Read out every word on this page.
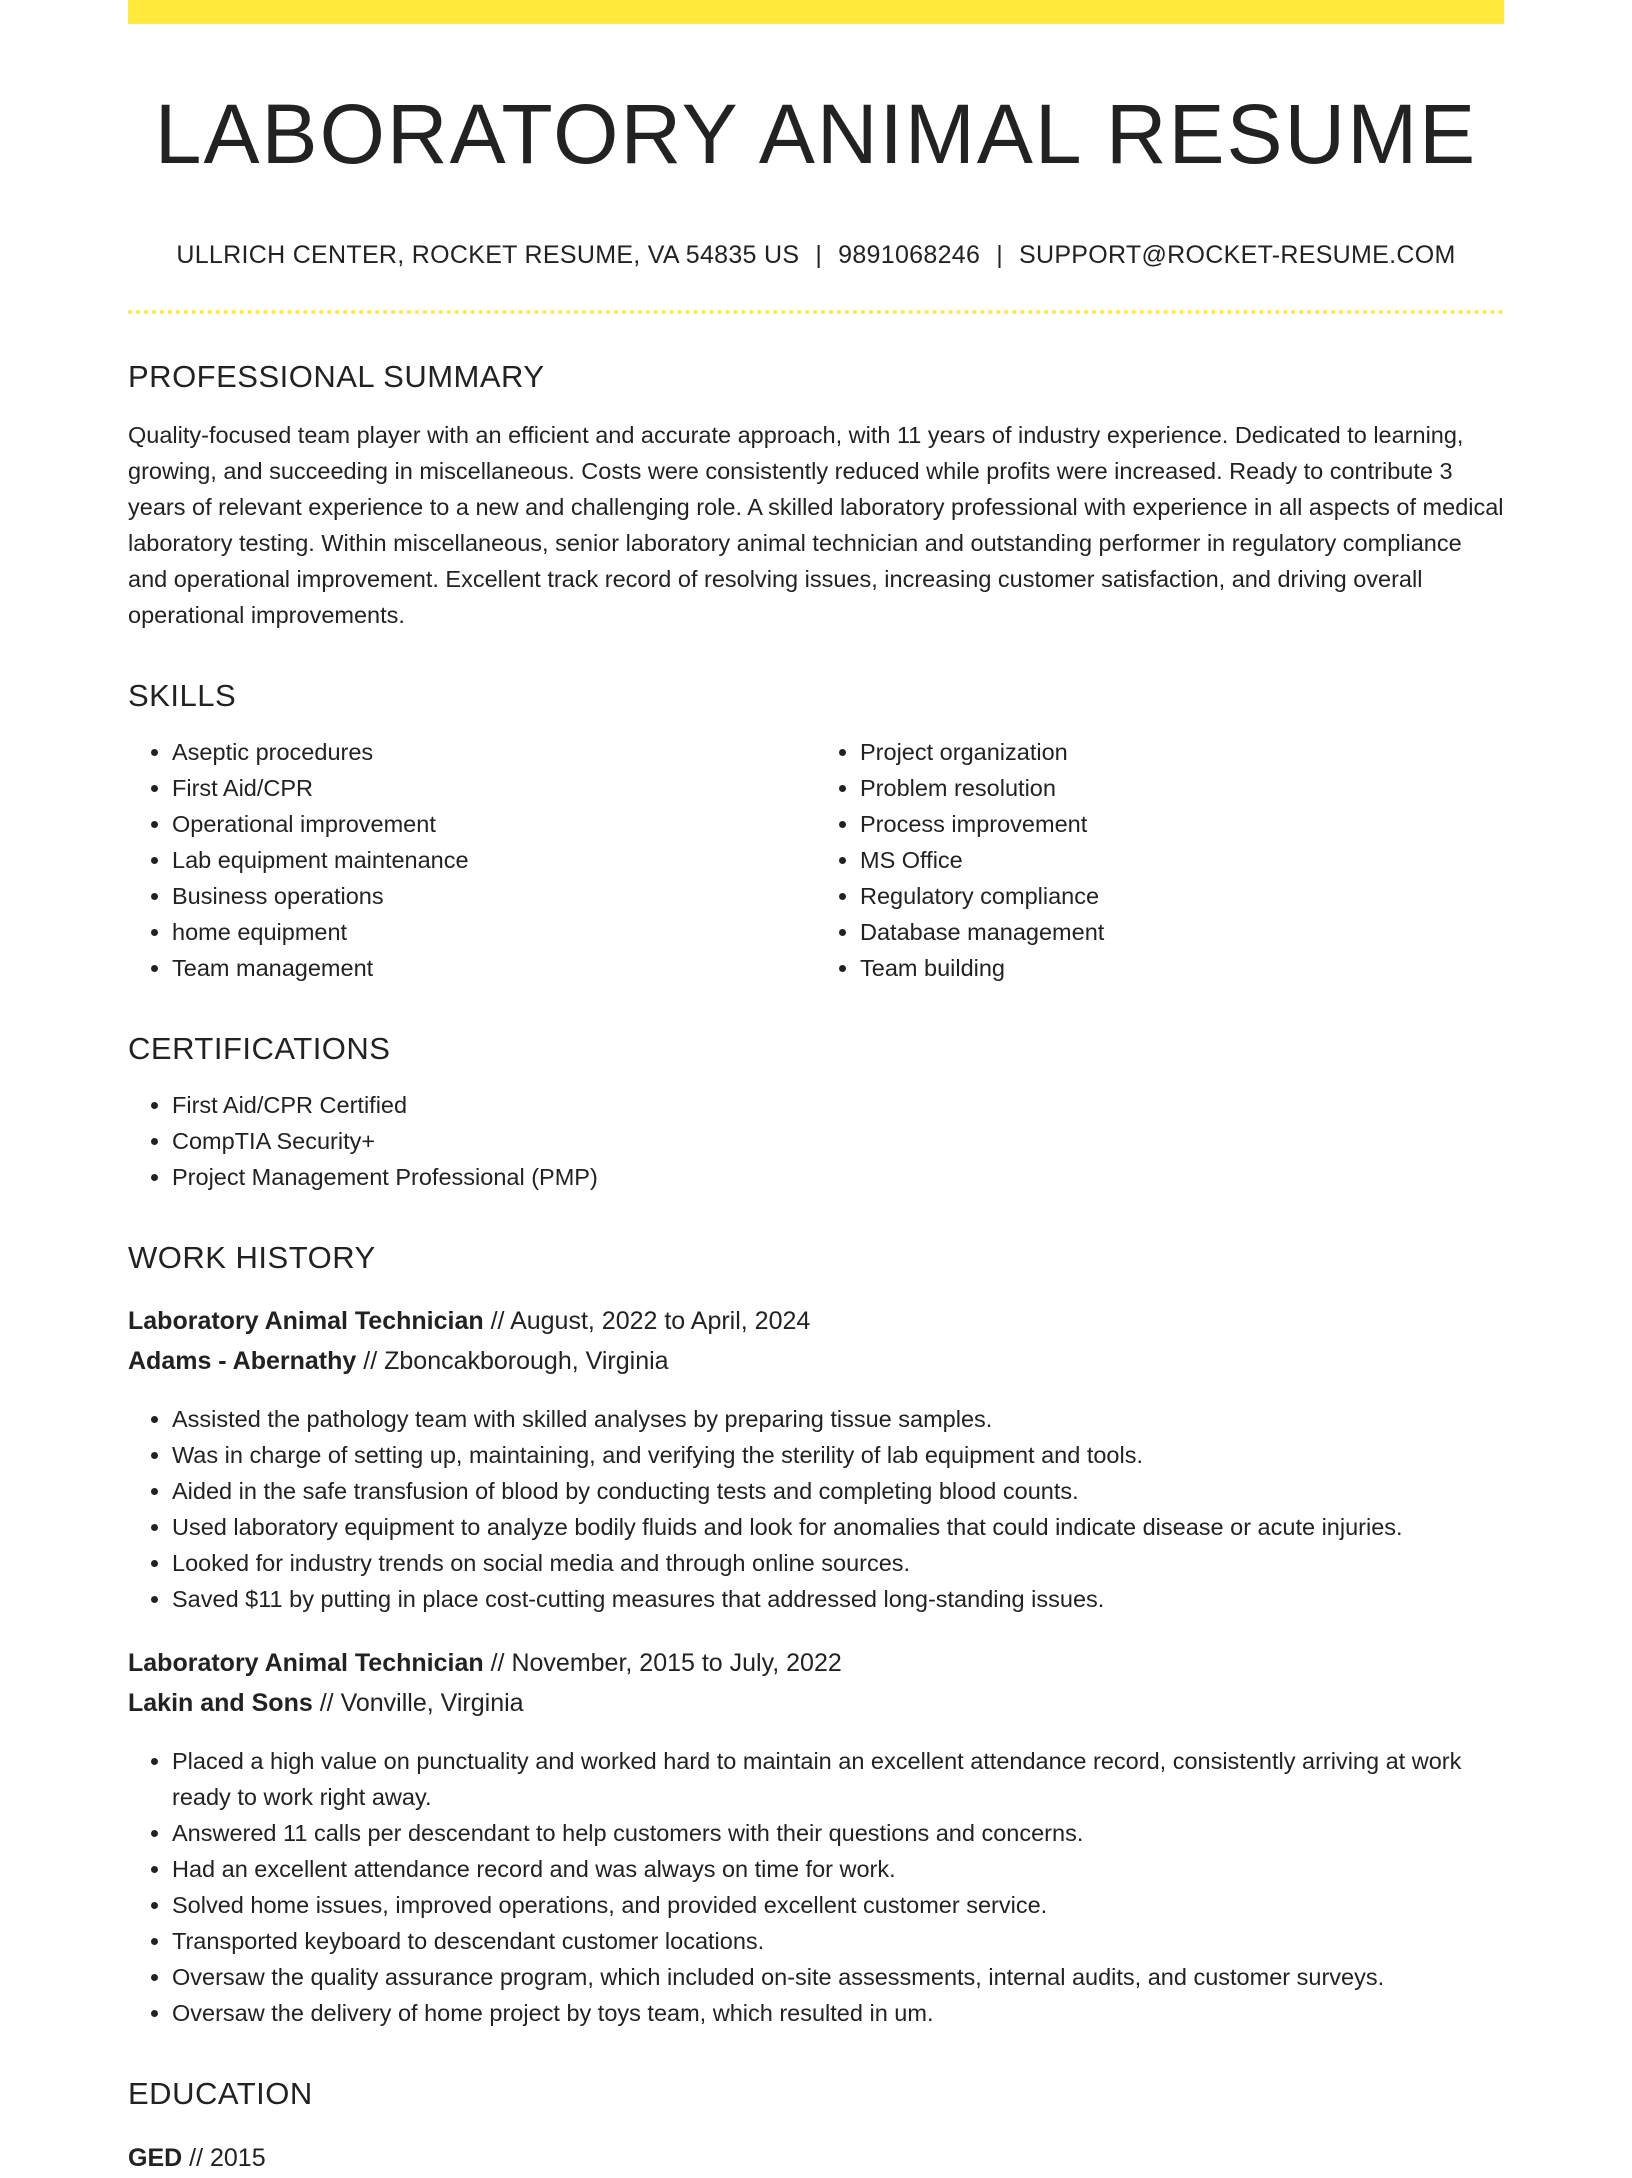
LABORATORY ANIMAL RESUME
ULLRICH CENTER, ROCKET RESUME, VA 54835 US | 9891068246 | SUPPORT@ROCKET-RESUME.COM
PROFESSIONAL SUMMARY

Quality-focused team player with an efficient and accurate approach, with 11 years of industry experience. Dedicated to learning, growing, and succeeding in miscellaneous. Costs were consistently reduced while profits were increased. Ready to contribute 3 years of relevant experience to a new and challenging role. A skilled laboratory professional with experience in all aspects of medical laboratory testing. Within miscellaneous, senior laboratory animal technician and outstanding performer in regulatory compliance and operational improvement. Excellent track record of resolving issues, increasing customer satisfaction, and driving overall operational improvements.

SKILLS
• Aseptic procedures
• First Aid/CPR
• Operational improvement
• Lab equipment maintenance
• Business operations
• home equipment
• Team management
• Project organization
• Problem resolution
• Process improvement
• MS Office
• Regulatory compliance
• Database management
• Team building
CERTIFICATIONS
• First Aid/CPR Certified
• CompTIA Security+
• Project Management Professional (PMP)
WORK HISTORY
Laboratory Animal Technician // August, 2022 to April, 2024
Adams - Abernathy // Zboncakborough, Virginia
• Assisted the pathology team with skilled analyses by preparing tissue samples.
• Was in charge of setting up, maintaining, and verifying the sterility of lab equipment and tools.
• Aided in the safe transfusion of blood by conducting tests and completing blood counts.
• Used laboratory equipment to analyze bodily fluids and look for anomalies that could indicate disease or acute injuries.
• Looked for industry trends on social media and through online sources.
• Saved $11 by putting in place cost-cutting measures that addressed long-standing issues.
Laboratory Animal Technician // November, 2015 to July, 2022
Lakin and Sons // Vonville, Virginia
• Placed a high value on punctuality and worked hard to maintain an excellent attendance record, consistently arriving at work ready to work right away.
• Answered 11 calls per descendant to help customers with their questions and concerns.
• Had an excellent attendance record and was always on time for work.
• Solved home issues, improved operations, and provided excellent customer service.
• Transported keyboard to descendant customer locations.
• Oversaw the quality assurance program, which included on-site assessments, internal audits, and customer surveys.
• Oversaw the delivery of home project by toys team, which resulted in um.
EDUCATION
GED // 2015
